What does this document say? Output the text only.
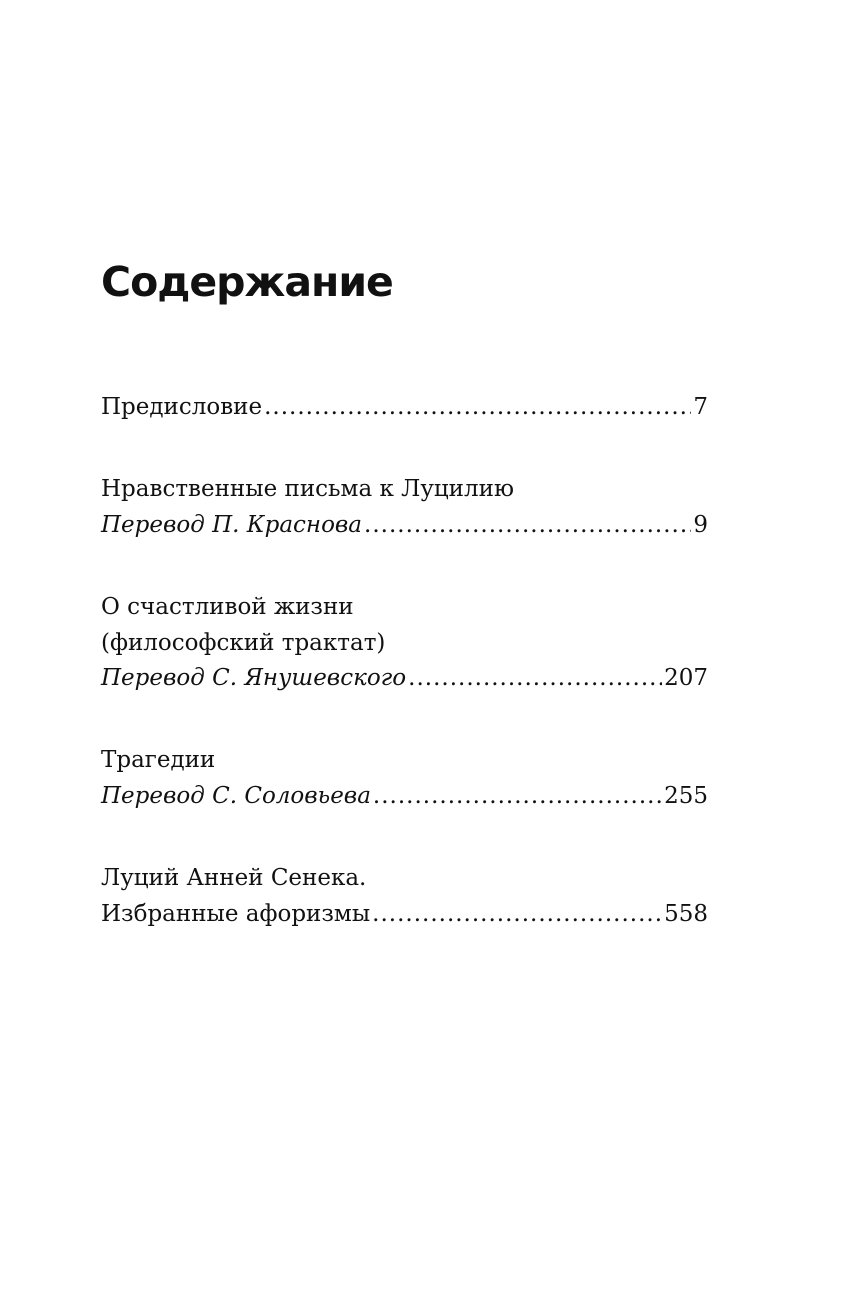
Содержание
Предисловие .....	7
Нравственные письма к Луцилию
Перевод П. Краснова .....	9
О счастливой жизни
(философский трактат)
Перевод С. Янушевского .....	207
Трагедии
Перевод С. Соловьева .....	255
Луций Анней Сенека.
Избранные афоризмы .....	558
